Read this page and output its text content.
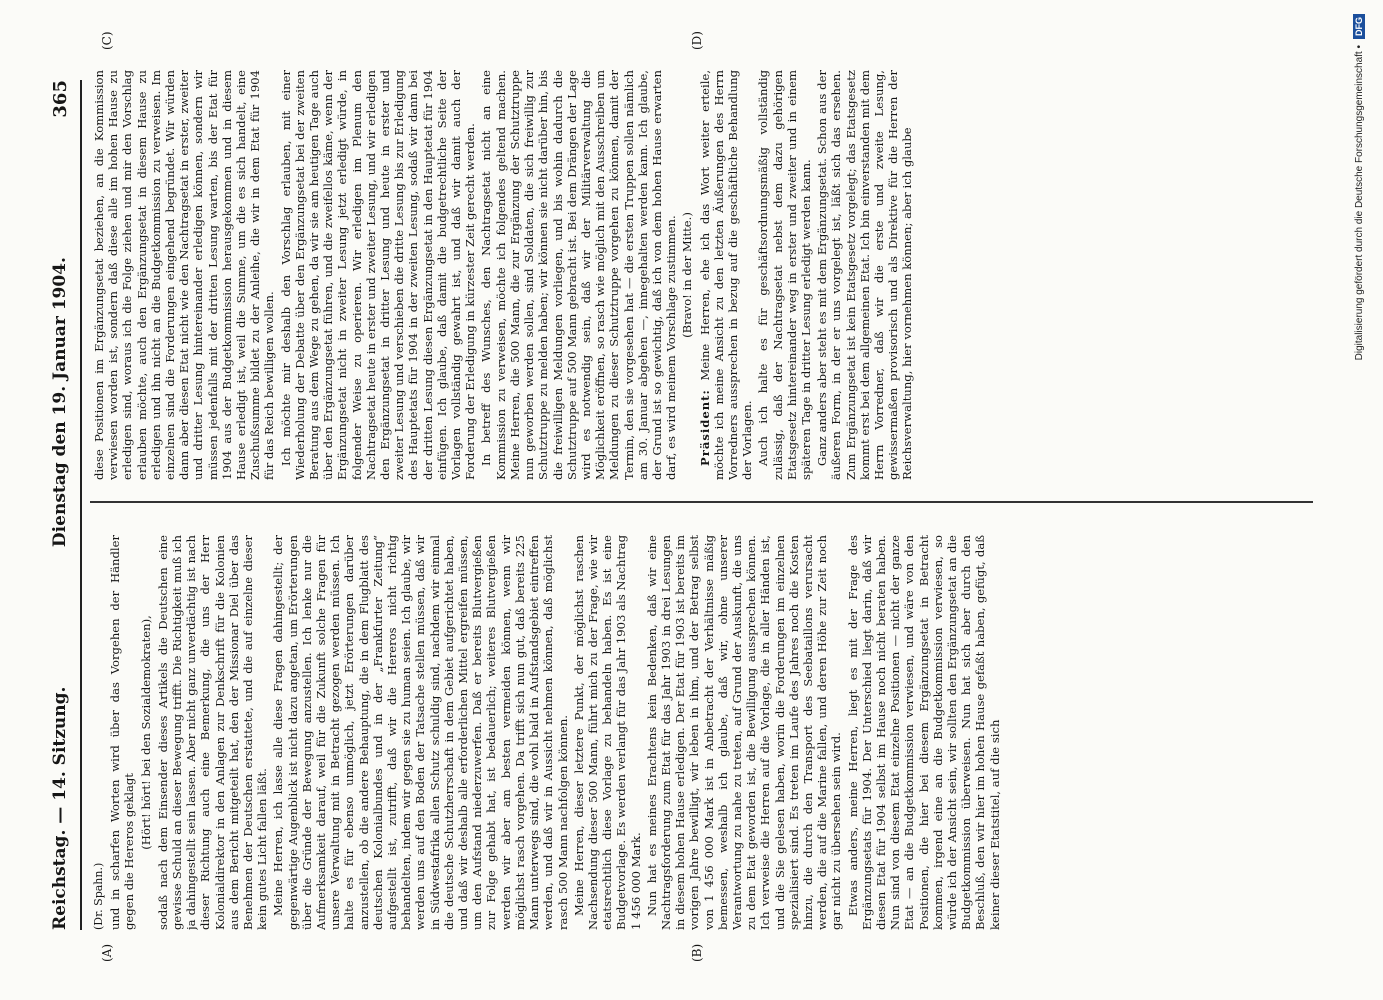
Reichstag. — 14. Sitzung.
Dienstag den 19. Januar 1904.
365
(A)	(B)
(C)	(D)

(Dr. Spahn.) und in scharfen Worten wird über das Vorgehen der Händler gegen die Hereros geklagt

(Hört! hört! bei den Sozialdemokraten), sodaß nach dem Einsender dieses Artikels die Deutschen eine gewisse Schuld an dieser Bewegung trifft. Die Richtigkeit muß ich ja dahingestellt sein lassen. Aber nicht ganz unverdächtig ist nach dieser Richtung auch eine Bemerkung, die uns der Herr Kolonialdirektor in den Anlagen zur Denkschrift für die Kolonien aus dem Bericht mitgeteilt hat, den der Missionar Diel über das Benehmen der Deutschen erstattete, und die auf einzelne dieser kein gutes Licht fallen läßt. Meine Herren, ich lasse alle diese Fragen dahingestellt; der gegenwärtige Augenblick ist nicht dazu angetan, um Erörterungen über die Gründe der Bewegung anzustellen. Ich lenke nur die Aufmerksamkeit darauf, weil für die Zukunft solche Fragen für unsere Verwaltung mit in Betracht gezogen werden müssen. Ich halte es für ebenso unmöglich, jetzt Erörterungen darüber anzustellen, ob die andere Behauptung, die in dem Flugblatt des deutschen Kolonialbundes und in der „Frankfurter Zeitung“ aufgestellt ist, zutrifft, daß wir die Hereros nicht richtig behandelten, indem wir gegen sie zu human seien. Ich glaube, wir werden uns auf den Boden der Tatsache stellen müssen, daß wir in Südwestafrika allen Schutz schuldig sind, nachdem wir einmal die deutsche Schutzherrschaft in dem Gebiet aufgerichtet haben, und daß wir deshalb alle erforderlichen Mittel ergreifen müssen, um den Aufstand niederzuwerfen. Daß er bereits Blutvergießen zur Folge gehabt hat, ist bedauerlich; weiteres Blutvergießen werden wir aber am besten vermeiden können, wenn wir möglichst rasch vorgehen. Da trifft sich nun gut, daß bereits 225 Mann unterwegs sind, die wohl bald in Aufstandsgebiet eintreffen werden, und daß wir in Aussicht nehmen können, daß möglichst rasch 500 Mann nachfolgen können. Meine Herren, dieser letztere Punkt, der möglichst raschen Nachsendung dieser 500 Mann, führt mich zu der Frage, wie wir etatsrechtlich diese Vorlage zu behandeln haben. Es ist eine Budgetvorlage. Es werden verlangt für das Jahr 1903 als Nachtrag 1 456 000 Mark. Nun hat es meines Erachtens kein Bedenken, daß wir eine Nachtragsforderung zum Etat für das Jahr 1903 in drei Lesungen in diesem hohen Hause erledigen. Der Etat für 1903 ist bereits im vorigen Jahre bewilligt, wir leben in ihm, und der Betrag selbst von 1 456 000 Mark ist in Anbetracht der Verhältnisse mäßig bemessen, weshalb ich glaube, daß wir, ohne unserer Verantwortung zu nahe zu treten, auf Grund der Auskunft, die uns zu dem Etat geworden ist, die Bewilligung aussprechen können. Ich verweise die Herren auf die Vorlage, die in aller Händen ist, und die Sie gelesen haben, worin die Forderungen im einzelnen spezialisiert sind. Es treten im Laufe des Jahres noch die Kosten hinzu, die durch den Transport des Seebataillons verursacht werden, die auf die Marine fallen, und deren Höhe zur Zeit noch gar nicht zu übersehen sein wird. Etwas anders, meine Herren, liegt es mit der Frage des Ergänzungsetats für 1904. Der Unterschied liegt darin, daß wir diesen Etat für 1904 selbst im Hause noch nicht beraten haben. Nun sind von diesem Etat einzelne Positionen — nicht der ganze Etat — an die Budgetkommission verwiesen, und wäre von den Positionen, die hier bei diesem Ergänzungsetat in Betracht kommen, irgend eine an die Budgetkommission verwiesen, so würde ich der Ansicht sein, wir sollten den Ergänzungsetat an die Budgetkommission überweisen. Nun hat sich aber durch den Beschluß, den wir hier im hohen Hause gefaßt haben, gefügt, daß keiner dieser Etatstitel, auf die sich

diese Positionen im Ergänzungsetat beziehen, an die Kommission verwiesen worden ist, sondern daß diese alle im hohen Hause zu erledigen sind, woraus ich die Folge ziehen und mir den Vorschlag erlauben möchte, auch den Ergänzungsetat in diesem Hause zu erledigen und ihn nicht an die Budgetkommission zu verweisen. Im einzelnen sind die Forderungen eingehend begründet. Wir würden dann aber diesen Etat nicht wie den Nachtragsetat in erster, zweiter und dritter Lesung hintereinander erledigen können, sondern wir müssen jedenfalls mit der dritten Lesung warten, bis der Etat für 1904 aus der Budgetkommission herausgekommen und in diesem Hause erledigt ist, weil die Summe, um die es sich handelt, eine Zuschußsumme bildet zu der Anleihe, die wir in dem Etat für 1904 für das Reich bewilligen wollen. Ich möchte mir deshalb den Vorschlag erlauben, mit einer Wiederholung der Debatte über den Ergänzungsetat bei der zweiten Beratung aus dem Wege zu gehen, da wir sie am heutigen Tage auch über den Ergänzungsetat führen, und die zweifellos käme, wenn der Ergänzungsetat nicht in zweiter Lesung jetzt erledigt würde, in folgender Weise zu operieren. Wir erledigen im Plenum den Nachtragsetat heute in erster und zweiter Lesung, und wir erledigen den Ergänzungsetat in dritter Lesung und heute in erster und zweiter Lesung und verschieben die dritte Lesung bis zur Erledigung des Hauptetats für 1904 in der zweiten Lesung, sodaß wir dann bei der dritten Lesung diesen Ergänzungsetat in den Hauptetat für 1904 einfügen. Ich glaube, daß damit die budgetrechtliche Seite der Vorlagen vollständig gewahrt ist, und daß wir damit auch der Forderung der Erledigung in kürzester Zeit gerecht werden. In betreff des Wunsches, den Nachtragsetat nicht an eine Kommission zu verweisen, möchte ich folgendes geltend machen. Meine Herren, die 500 Mann, die zur Ergänzung der Schutztruppe nun geworben werden sollen, sind Soldaten, die sich freiwillig zur Schutztruppe zu melden haben; wir können sie nicht darüber hin, bis die freiwilligen Meldungen vorliegen, und bis wohin dadurch die Schutztruppe auf 500 Mann gebracht ist. Bei dem Drängen der Lage wird es notwendig sein, daß wir der Militärverwaltung die Möglichkeit eröffnen, so rasch wie möglich mit den Ausschreiben um Meldungen zu dieser Schutztruppe vorgehen zu können, damit der Termin, den sie vorgesehen hat — die ersten Truppen sollen nämlich am 30. Januar abgehen —, innegehalten werden kann. Ich glaube, der Grund ist so gewichtig, daß ich von dem hohen Hause erwarten darf, es wird meinem Vorschlage zustimmen. (Bravo! in der Mitte.)

Präsident: Meine Herren, ehe ich das Wort weiter erteile, möchte ich meine Ansicht zu den letzten Äußerungen des Herrn Vorredners aussprechen in bezug auf die geschäftliche Behandlung der Vorlagen. Auch ich halte es für geschäftsordnungsmäßig vollständig zulässig, daß der Nachtragsetat nebst dem dazu gehörigen Etatsgesetz hintereinander weg in erster und zweiter und in einem späteren Tage in dritter Lesung erledigt werden kann. Ganz anders aber steht es mit dem Ergänzungsetat. Schon aus der äußeren Form, in der er uns vorgelegt ist, läßt sich das ersehen. Zum Ergänzungsetat ist kein Etatsgesetz vorgelegt; das Etatsgesetz kommt erst bei dem allgemeinen Etat. Ich bin einverstanden mit dem Herrn Vorredner, daß wir die erste und zweite Lesung, gewissermaßen provisorisch und als Direktive für die Herren der Reichsverwaltung, hier vornehmen können; aber ich glaube	Digitalisierung gefördert durch die Deutsche Forschungsgemeinschaft •
DFG
